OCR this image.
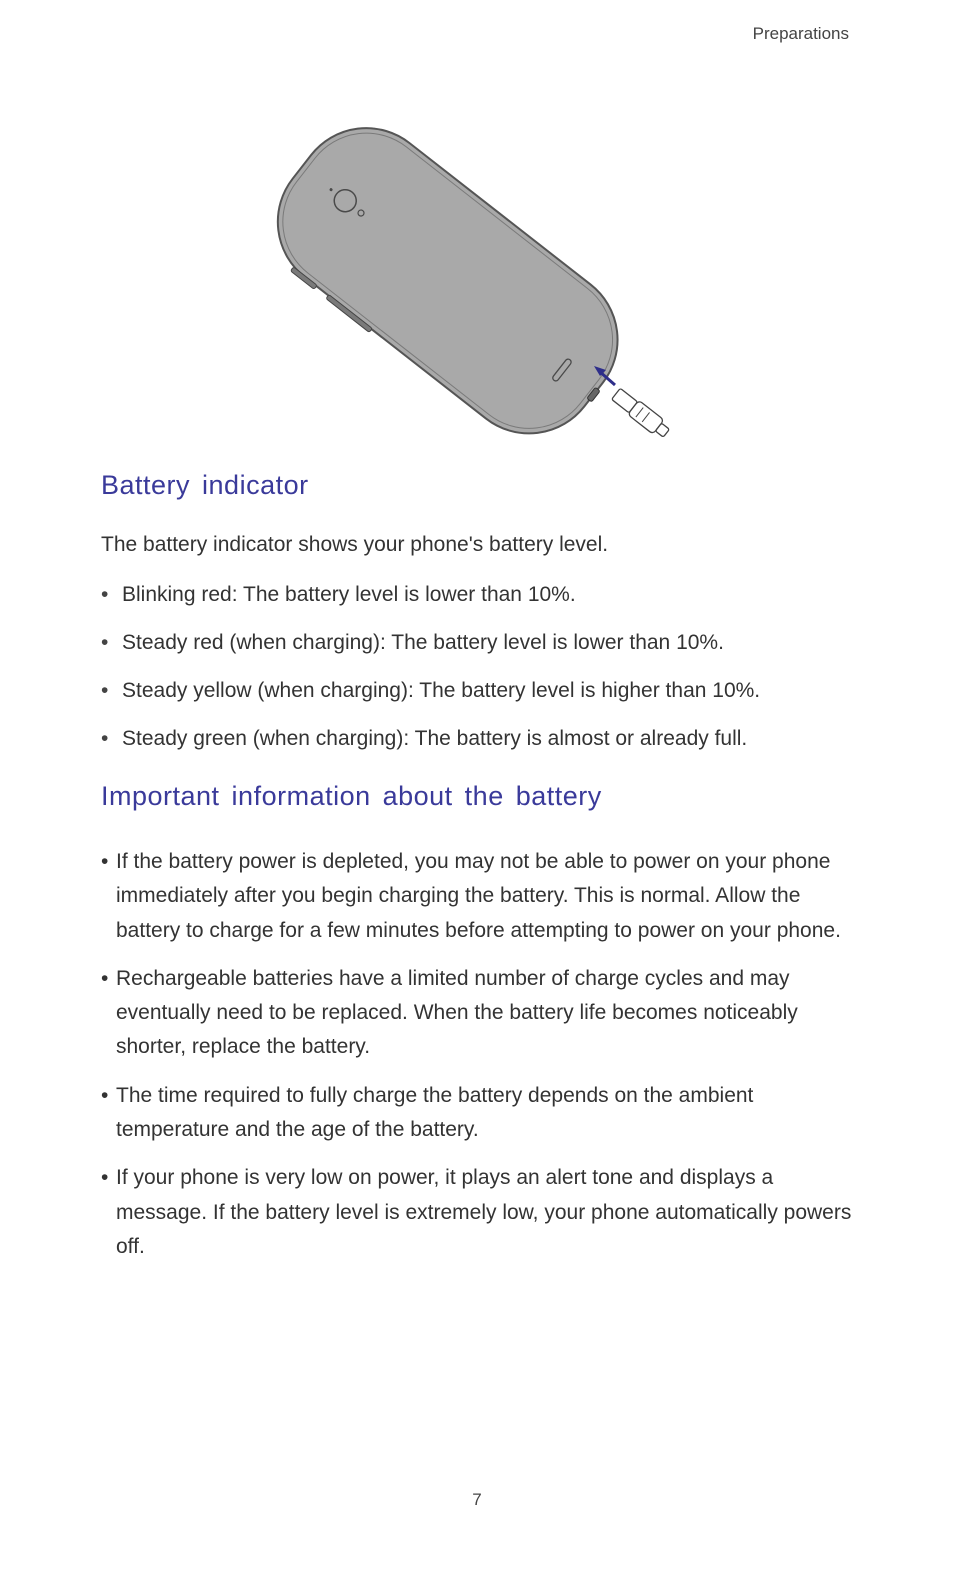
Preparations
Battery indicator

The battery indicator shows your phone's battery level.

• Blinking red: The battery level is lower than 10%.
• Steady red (when charging): The battery level is lower than 10%.
• Steady yellow (when charging): The battery level is higher than 10%.
• Steady green (when charging): The battery is almost or already full.
Important information about the battery
• If the battery power is depleted, you may not be able to power on your phone immediately after you begin charging the battery. This is normal. Allow the battery to charge for a few minutes before attempting to power on your phone.
• Rechargeable batteries have a limited number of charge cycles and may eventually need to be replaced. When the battery life becomes noticeably shorter, replace the battery.
• The time required to fully charge the battery depends on the ambient temperature and the age of the battery.
• If your phone is very low on power, it plays an alert tone and displays a message. If the battery level is extremely low, your phone automatically powers off.
7
